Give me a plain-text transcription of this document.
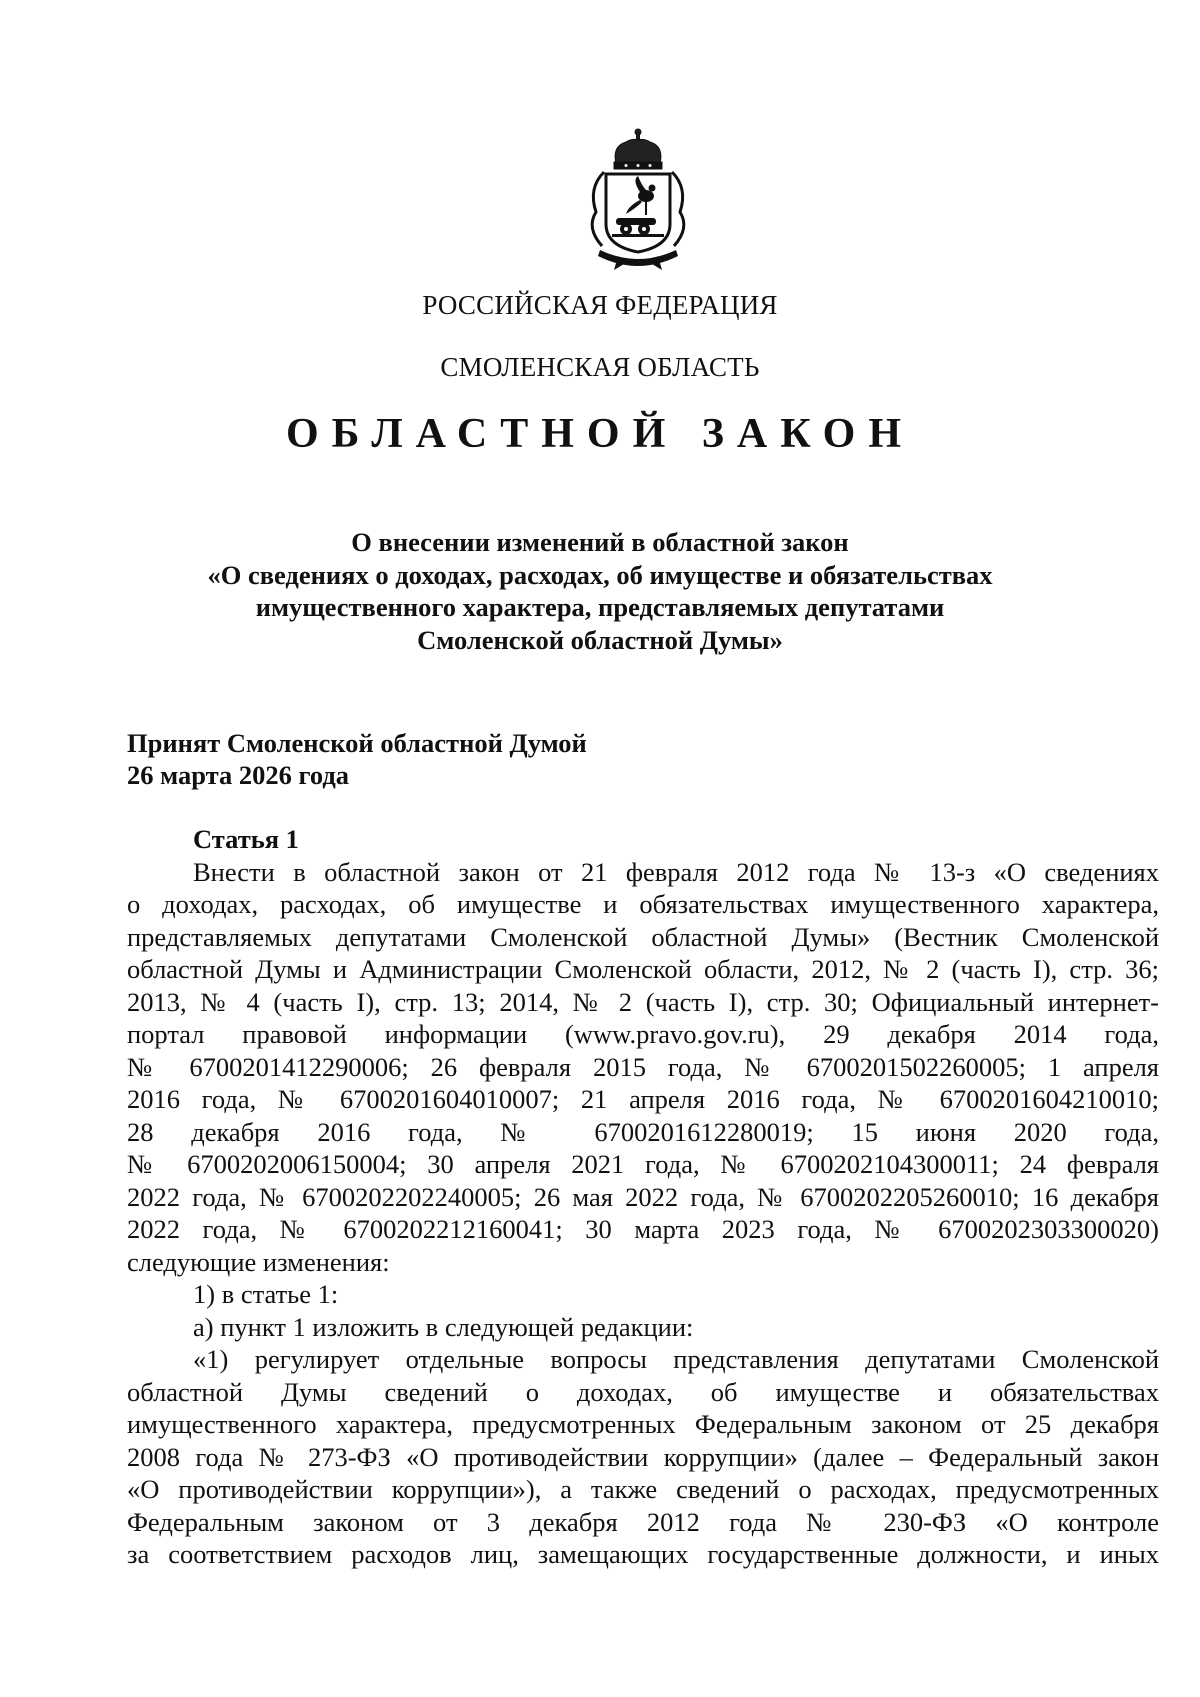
РОССИЙСКАЯ ФЕДЕРАЦИЯ
СМОЛЕНСКАЯ ОБЛАСТЬ
ОБЛАСТНОЙ ЗАКОН
О внесении изменений в областной закон
«О сведениях о доходах, расходах, об имуществе и обязательствах
имущественного характера, представляемых депутатами
Смоленской областной Думы»
Принят Смоленской областной Думой
26 марта 2026 года
Статья 1
Внести в областной закон от 21 февраля 2012 года № 13-з «О сведениях
о доходах, расходах, об имуществе и обязательствах имущественного характера,
представляемых депутатами Смоленской областной Думы» (Вестник Смоленской
областной Думы и Администрации Смоленской области, 2012, № 2 (часть I), стр. 36;
2013, № 4 (часть I), стр. 13; 2014, № 2 (часть I), стр. 30; Официальный интернет-
портал правовой информации (www.pravo.gov.ru), 29 декабря 2014 года,
№ 6700201412290006; 26 февраля 2015 года, № 6700201502260005; 1 апреля
2016 года, № 6700201604010007; 21 апреля 2016 года, № 6700201604210010;
28 декабря 2016 года, № 6700201612280019; 15 июня 2020 года,
№ 6700202006150004; 30 апреля 2021 года, № 6700202104300011; 24 февраля
2022 года, № 6700202202240005; 26 мая 2022 года, № 6700202205260010; 16 декабря
2022 года, № 6700202212160041; 30 марта 2023 года, № 6700202303300020)
следующие изменения:
1) в статье 1:
а) пункт 1 изложить в следующей редакции:
«1) регулирует отдельные вопросы представления депутатами Смоленской
областной Думы сведений о доходах, об имуществе и обязательствах
имущественного характера, предусмотренных Федеральным законом от 25 декабря
2008 года № 273-ФЗ «О противодействии коррупции» (далее – Федеральный закон
«О противодействии коррупции»), а также сведений о расходах, предусмотренных
Федеральным законом от 3 декабря 2012 года № 230-ФЗ «О контроле
за соответствием расходов лиц, замещающих государственные должности, и иных
